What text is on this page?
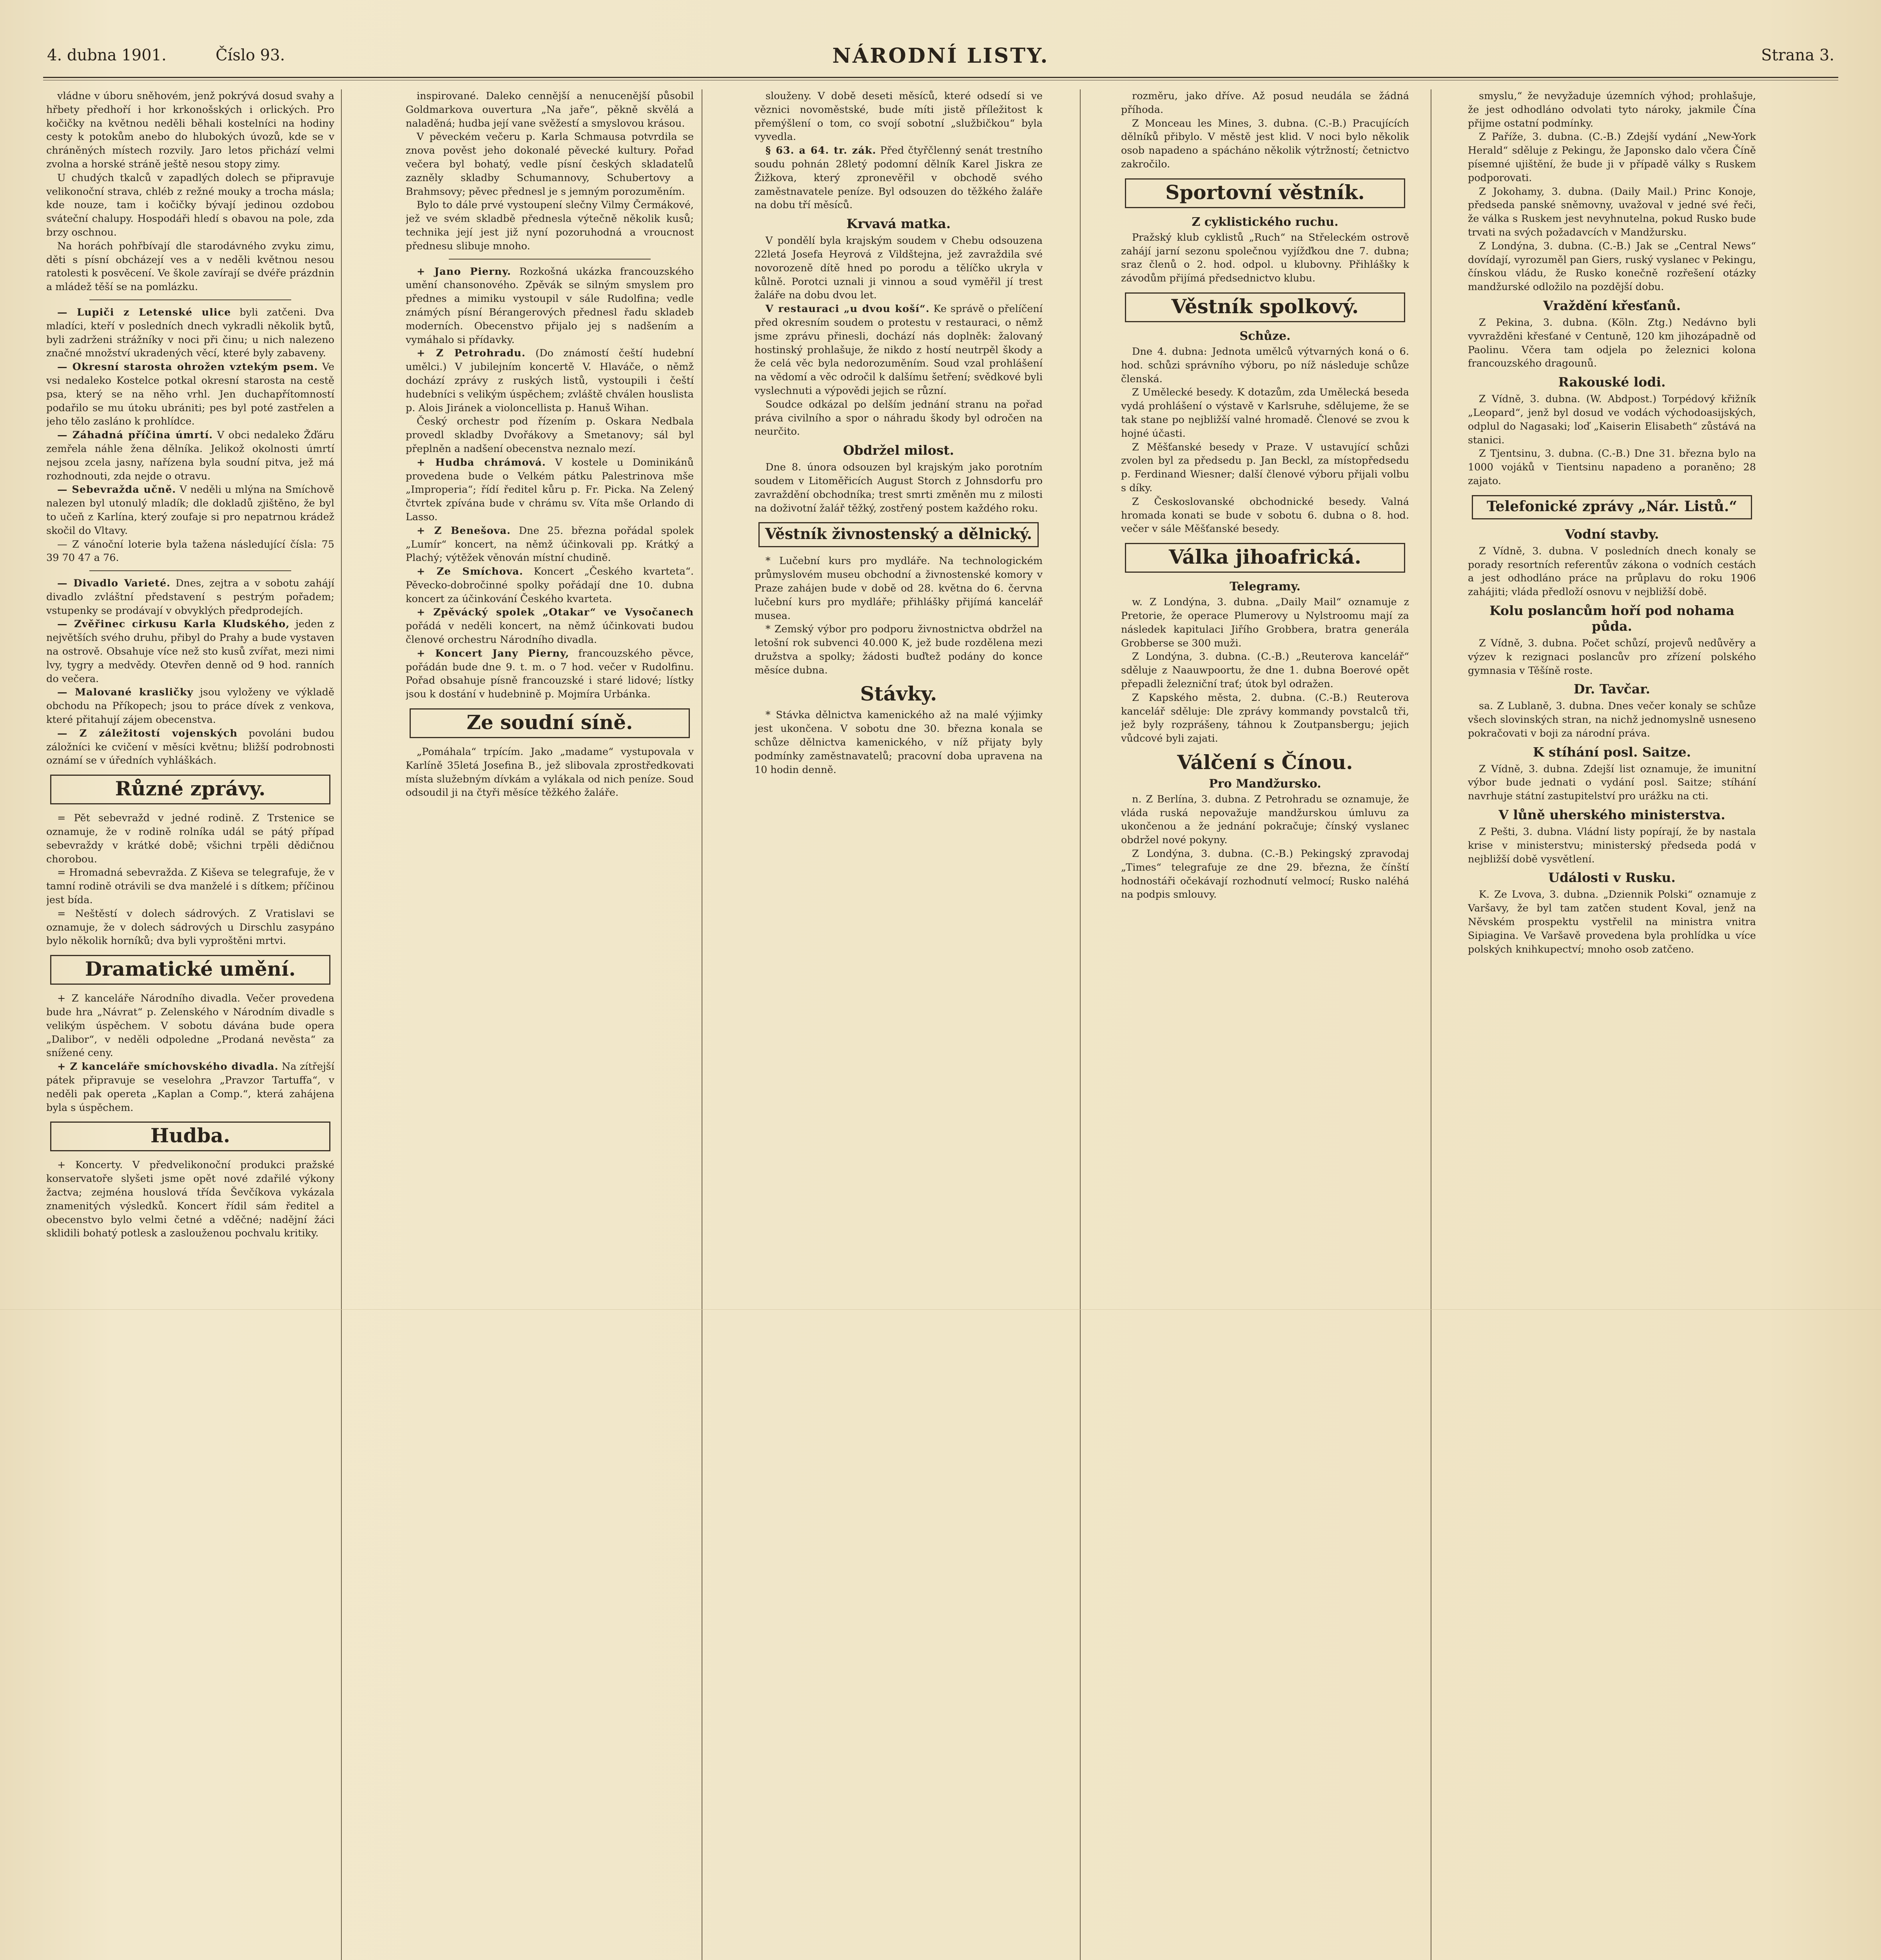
4. dubna 1901.	Číslo 93.	NÁRODNÍ LISTY.	Strana 3.

vládne v úboru sněhovém, jenž pokrývá dosud svahy a hřbety předhoří i hor krkonošských i orlických. Pro kočičky na květnou neděli běhali kostelníci na hodiny cesty k potokům anebo do hlubokých úvozů, kde se v chráněných místech rozvily. Jaro letos přichází velmi zvolna a horské stráně ještě nesou stopy zimy.

U chudých tkalců v zapadlých dolech se připravuje velikonoční strava, chléb z režné mouky a trocha másla; kde nouze, tam i kočičky bývají jedinou ozdobou sváteční chalupy. Hospodáři hledí s obavou na pole, zda brzy oschnou.

Na horách pohřbívají dle starodávného zvyku zimu, děti s písní obcházejí ves a v neděli květnou nesou ratolesti k posvěcení. Ve škole zavírají se dvéře prázdnin a mládež těší se na pomlázku.

— Lupiči z Letenské ulice byli zatčeni. Dva mladíci, kteří v posledních dnech vykradli několik bytů, byli zadrženi strážníky v noci při činu; u nich nalezeno značné množství ukradených věcí, které byly zabaveny.

— Okresní starosta ohrožen vztekým psem. Ve vsi nedaleko Kostelce potkal okresní starosta na cestě psa, který se na něho vrhl. Jen duchapřítomností podařilo se mu útoku ubrániti; pes byl poté zastřelen a jeho tělo zasláno k prohlídce.

— Záhadná příčina úmrtí. V obci nedaleko Žďáru zemřela náhle žena dělníka. Jelikož okolnosti úmrtí nejsou zcela jasny, nařízena byla soudní pitva, jež má rozhodnouti, zda nejde o otravu.

— Sebevražda učně. V neděli u mlýna na Smíchově nalezen byl utonulý mladík; dle dokladů zjištěno, že byl to učeň z Karlína, který zoufaje si pro nepatrnou krádež skočil do Vltavy.

— Z vánoční loterie byla tažena následující čísla: 75 39 70 47 a 76.

— Divadlo Varieté. Dnes, zejtra a v sobotu zahájí divadlo zvláštní představení s pestrým pořadem; vstupenky se prodávají v obvyklých předprodejích.

— Zvěřinec cirkusu Karla Kludského, jeden z největších svého druhu, přibyl do Prahy a bude vystaven na ostrově. Obsahuje více než sto kusů zvířat, mezi nimi lvy, tygry a medvědy. Otevřen denně od 9 hod. ranních do večera.

— Malované krasličky jsou vyloženy ve výkladě obchodu na Příkopech; jsou to práce dívek z venkova, které přitahují zájem obecenstva.

— Z záležitostí vojenských povoláni budou záložníci ke cvičení v měsíci květnu; bližší podrobnosti oznámí se v úředních vyhláškách.

Různé zprávy.

= Pět sebevražd v jedné rodině. Z Trstenice se oznamuje, že v rodině rolníka udál se pátý případ sebevraždy v krátké době; všichni trpěli dědičnou chorobou.

= Hromadná sebevražda. Z Kiševa se telegrafuje, že v tamní rodině otrávili se dva manželé i s dítkem; příčinou jest bída.

= Neštěstí v dolech sádrových. Z Vratislavi se oznamuje, že v dolech sádrových u Dirschlu zasypáno bylo několik horníků; dva byli vyproštěni mrtvi.

Dramatické umění.

+ Z kanceláře Národního divadla. Večer provedena bude hra „Návrat“ p. Zelenského v Národním divadle s velikým úspěchem. V sobotu dávána bude opera „Dalibor“, v neděli odpoledne „Prodaná nevěsta“ za snížené ceny.

+ Z kanceláře smíchovského divadla. Na zítřejší pátek připravuje se veselohra „Pravzor Tartuffa“, v neděli pak opereta „Kaplan a Comp.“, která zahájena byla s úspěchem.

Hudba.

+ Koncerty. V předvelikonoční produkci pražské konservatoře slyšeti jsme opět nové zdařilé výkony žactva; zejména houslová třída Ševčíkova vykázala znamenitých výsledků. Koncert řídil sám ředitel a obecenstvo bylo velmi četné a vděčné; nadějní žáci sklidili bohatý potlesk a zaslouženou pochvalu kritiky.

inspirované. Daleko cennější a nenucenější působil Goldmarkova ouvertura „Na jaře“, pěkně skvělá a naladěná; hudba její vane svěžestí a smyslovou krásou.

V pěveckém večeru p. Karla Schmausa potvrdila se znova pověst jeho dokonalé pěvecké kultury. Pořad večera byl bohatý, vedle písní českých skladatelů zazněly skladby Schumannovy, Schubertovy a Brahmsovy; pěvec přednesl je s jemným porozuměním.

Bylo to dále prvé vystoupení slečny Vilmy Čermákové, jež ve svém skladbě přednesla výtečně několik kusů; technika její jest již nyní pozoruhodná a vroucnost přednesu slibuje mnoho.

+ Jano Pierny. Rozkošná ukázka francouzského umění chansonového. Zpěvák se silným smyslem pro přednes a mimiku vystoupil v sále Rudolfina; vedle známých písní Bérangerových přednesl řadu skladeb moderních. Obecenstvo přijalo jej s nadšením a vymáhalo si přídavky.

+ Z Petrohradu. (Do známostí čeští hudební umělci.) V jubilejním koncertě V. Hlaváče, o němž dochází zprávy z ruských listů, vystoupili i čeští hudebníci s velikým úspěchem; zvláště chválen houslista p. Alois Jiránek a violoncellista p. Hanuš Wihan.

Český orchestr pod řízením p. Oskara Nedbala provedl skladby Dvořákovy a Smetanovy; sál byl přeplněn a nadšení obecenstva neznalo mezí.

+ Hudba chrámová. V kostele u Dominikánů provedena bude o Velkém pátku Palestrinova mše „Improperia“; řídí ředitel kůru p. Fr. Picka. Na Zelený čtvrtek zpívána bude v chrámu sv. Víta mše Orlando di Lasso.

+ Z Benešova. Dne 25. března pořádal spolek „Lumír“ koncert, na němž účinkovali pp. Krátký a Plachý; výtěžek věnován místní chudině.

+ Ze Smíchova. Koncert „Českého kvarteta“. Pěvecko-dobročinné spolky pořádají dne 10. dubna koncert za účinkování Českého kvarteta.

+ Zpěvácký spolek „Otakar“ ve Vysočanech pořádá v neděli koncert, na němž účinkovati budou členové orchestru Národního divadla.

+ Koncert Jany Pierny, francouzského pěvce, pořádán bude dne 9. t. m. o 7 hod. večer v Rudolfinu. Pořad obsahuje písně francouzské i staré lidové; lístky jsou k dostání v hudebnině p. Mojmíra Urbánka.

Ze soudní síně.

„Pomáhala“ trpícím. Jako „madame“ vystupovala v Karlíně 35letá Josefina B., jež slibovala zprostředkovati místa služebným dívkám a vylákala od nich peníze. Soud odsoudil ji na čtyři měsíce těžkého žaláře.

slouženy. V době deseti měsíců, které odsedí si ve věznici novoměstské, bude míti jistě příležitost k přemýšlení o tom, co svojí sobotní „službičkou“ byla vyvedla.

§ 63. a 64. tr. zák. Před čtyřčlenný senát trestního soudu pohnán 28letý podomní dělník Karel Jiskra ze Žižkova, který zpronevěřil v obchodě svého zaměstnavatele peníze. Byl odsouzen do těžkého žaláře na dobu tří měsíců.

Krvavá matka.

V pondělí byla krajským soudem v Chebu odsouzena 22letá Josefa Heyrová z Vildštejna, jež zavraždila své novorozeně dítě hned po porodu a tělíčko ukryla v kůlně. Porotci uznali ji vinnou a soud vyměřil jí trest žaláře na dobu dvou let.

V restauraci „u dvou koší“. Ke správě o přelíčení před okresním soudem o protestu v restauraci, o němž jsme zprávu přinesli, dochází nás doplněk: žalovaný hostinský prohlašuje, že nikdo z hostí neutrpěl škody a že celá věc byla nedorozuměním. Soud vzal prohlášení na vědomí a věc odročil k dalšímu šetření; svědkové byli vyslechnuti a výpovědi jejich se různí.

Soudce odkázal po delším jednání stranu na pořad práva civilního a spor o náhradu škody byl odročen na neurčito.

Obdržel milost.

Dne 8. února odsouzen byl krajským jako porotním soudem v Litoměřicích August Storch z Johnsdorfu pro zavraždění obchodníka; trest smrti změněn mu z milosti na doživotní žalář těžký, zostřený postem každého roku.

Věstník živnostenský a dělnický.

* Lučební kurs pro mydláře. Na technologickém průmyslovém museu obchodní a živnostenské komory v Praze zahájen bude v době od 28. května do 6. června lučební kurs pro mydláře; přihlášky přijímá kancelář musea.

* Zemský výbor pro podporu živnostnictva obdržel na letošní rok subvenci 40.000 K, jež bude rozdělena mezi družstva a spolky; žádosti buďtež podány do konce měsíce dubna.

Stávky.

* Stávka dělnictva kamenického až na malé výjimky jest ukončena. V sobotu dne 30. března konala se schůze dělnictva kamenického, v níž přijaty byly podmínky zaměstnavatelů; pracovní doba upravena na 10 hodin denně.

rozměru, jako dříve. Až posud neudála se žádná příhoda.

Z Monceau les Mines, 3. dubna. (C.-B.) Pracujících dělníků přibylo. V městě jest klid. V noci bylo několik osob napadeno a spácháno několik výtržností; četnictvo zakročilo.

Sportovní věstník.
Z cyklistického ruchu.

Pražský klub cyklistů „Ruch“ na Střeleckém ostrově zahájí jarní sezonu společnou vyjížďkou dne 7. dubna; sraz členů o 2. hod. odpol. u klubovny. Přihlášky k závodům přijímá předsednictvo klubu.

Věstník spolkový.
Schůze.

Dne 4. dubna: Jednota umělců výtvarných koná o 6. hod. schůzi správního výboru, po níž následuje schůze členská.

Z Umělecké besedy. K dotazům, zda Umělecká beseda vydá prohlášení o výstavě v Karlsruhe, sdělujeme, že se tak stane po nejbližší valné hromadě. Členové se zvou k hojné účasti.

Z Měšťanské besedy v Praze. V ustavující schůzi zvolen byl za předsedu p. Jan Beckl, za místopředsedu p. Ferdinand Wiesner; další členové výboru přijali volbu s díky.

Z Českoslovanské obchodnické besedy. Valná hromada konati se bude v sobotu 6. dubna o 8. hod. večer v sále Měšťanské besedy.

Válka jihoafrická.
Telegramy.

w. Z Londýna, 3. dubna. „Daily Mail“ oznamuje z Pretorie, že operace Plumerovy u Nylstroomu mají za následek kapitulaci Jiřího Grobbera, bratra generála Grobberse se 300 muži.

Z Londýna, 3. dubna. (C.-B.) „Reuterova kancelář“ sděluje z Naauwpoortu, že dne 1. dubna Boerové opět přepadli železniční trať; útok byl odražen.

Z Kapského města, 2. dubna. (C.-B.) Reuterova kancelář sděluje: Dle zprávy kommandy povstalců tři, jež byly rozprášeny, táhnou k Zoutpansbergu; jejich vůdcové byli zajati.

Válčení s Čínou.
Pro Mandžursko.

n. Z Berlína, 3. dubna. Z Petrohradu se oznamuje, že vláda ruská nepovažuje mandžurskou úmluvu za ukončenou a že jednání pokračuje; čínský vyslanec obdržel nové pokyny.

Z Londýna, 3. dubna. (C.-B.) Pekingský zpravodaj „Times“ telegrafuje ze dne 29. března, že čínští hodnostáři očekávají rozhodnutí velmocí; Rusko naléhá na podpis smlouvy.

smyslu,“ že nevyžaduje územních výhod; prohlašuje, že jest odhodláno odvolati tyto nároky, jakmile Čína přijme ostatní podmínky.

Z Paříže, 3. dubna. (C.-B.) Zdejší vydání „New-York Herald“ sděluje z Pekingu, že Japonsko dalo včera Číně písemné ujištění, že bude ji v případě války s Ruskem podporovati.

Z Jokohamy, 3. dubna. (Daily Mail.) Princ Konoje, předseda panské sněmovny, uvažoval v jedné své řeči, že válka s Ruskem jest nevyhnutelna, pokud Rusko bude trvati na svých požadavcích v Mandžursku.

Z Londýna, 3. dubna. (C.-B.) Jak se „Central News“ dovídají, vyrozuměl pan Giers, ruský vyslanec v Pekingu, čínskou vládu, že Rusko konečně rozřešení otázky mandžurské odložilo na pozdější dobu.

Vraždění křesťanů.

Z Pekina, 3. dubna. (Köln. Ztg.) Nedávno byli vyvražděni křesťané v Centuně, 120 km jihozápadně od Paolinu. Včera tam odjela po železnici kolona francouzského dragounů.

Rakouské lodi.

Z Vídně, 3. dubna. (W. Abdpost.) Torpédový křižník „Leopard“, jenž byl dosud ve vodách východoasijských, odplul do Nagasaki; loď „Kaiserin Elisabeth“ zůstává na stanici.

Z Tjentsinu, 3. dubna. (C.-B.) Dne 31. března bylo na 1000 vojáků v Tientsinu napadeno a poraněno; 28 zajato.

Telefonické zprávy „Nár. Listů.“
Vodní stavby.

Z Vídně, 3. dubna. V posledních dnech konaly se porady resortních referentův zákona o vodních cestách a jest odhodláno práce na průplavu do roku 1906 zahájiti; vláda předloží osnovu v nejbližší době.

Kolu poslancům hoří pod nohama půda.

Z Vídně, 3. dubna. Počet schůzí, projevů nedůvěry a výzev k rezignaci poslancův pro zřízení polského gymnasia v Těšíně roste.

Dr. Tavčar.

sa. Z Lublaně, 3. dubna. Dnes večer konaly se schůze všech slovinských stran, na nichž jednomyslně usneseno pokračovati v boji za národní práva.

K stíhání posl. Saitze.

Z Vídně, 3. dubna. Zdejší list oznamuje, že imunitní výbor bude jednati o vydání posl. Saitze; stíhání navrhuje státní zastupitelství pro urážku na cti.

V lůně uherského ministerstva.

Z Pešti, 3. dubna. Vládní listy popírají, že by nastala krise v ministerstvu; ministerský předseda podá v nejbližší době vysvětlení.

Události v Rusku.

K. Ze Lvova, 3. dubna. „Dziennik Polski“ oznamuje z Varšavy, že byl tam zatčen student Koval, jenž na Něvském prospektu vystřelil na ministra vnitra Sipiagina. Ve Varšavě provedena byla prohlídka u více polských knihkupectví; mnoho osob zatčeno.
